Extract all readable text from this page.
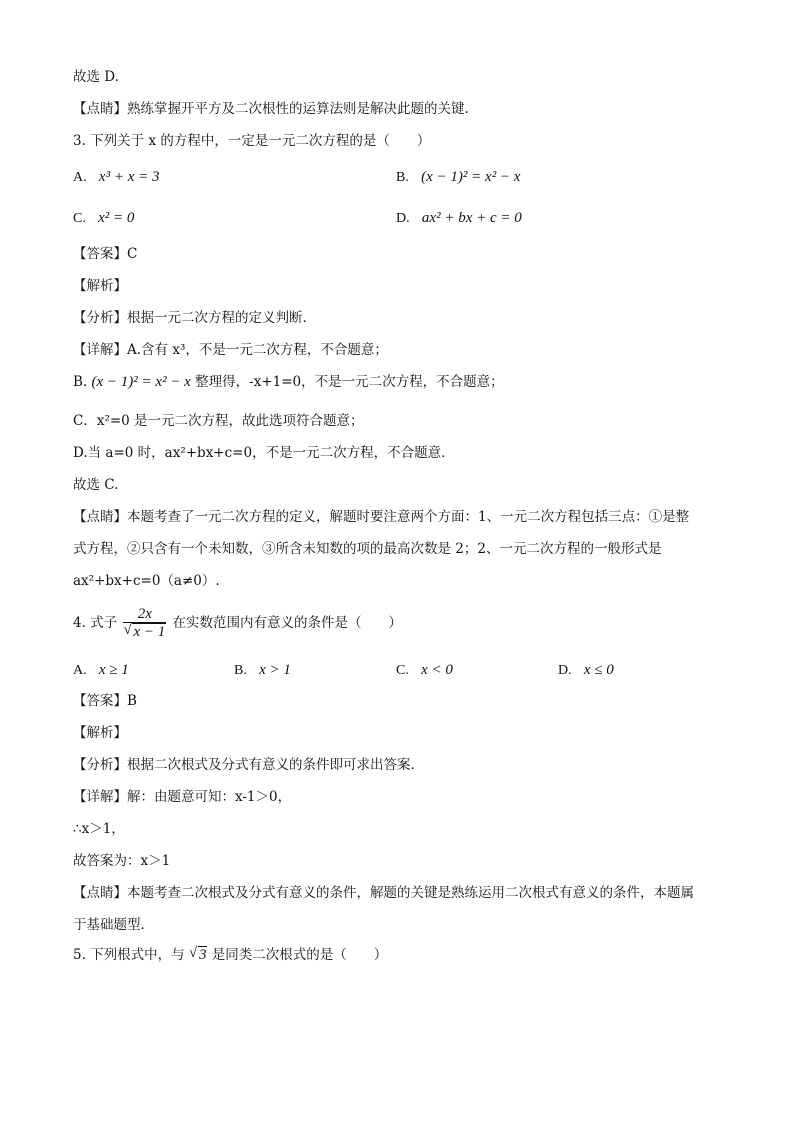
故选 D.
【点睛】熟练掌握开平方及二次根性的运算法则是解决此题的关键.
3. 下列关于 x 的方程中，一定是一元二次方程的是（　　）
A. x³ + x = 3	B. (x − 1)² = x² − x
C. x² = 0	D. ax² + bx + c = 0
【答案】C
【解析】
【分析】根据一元二次方程的定义判断．
【详解】A.含有 x³，不是一元二次方程，不合题意；
B. (x − 1)² = x² − x 整理得，-x+1=0，不是一元二次方程，不合题意；
C．x²=0 是一元二次方程，故此选项符合题意；
D.当 a=0 时，ax²+bx+c=0，不是一元二次方程，不合题意．
故选 C.
【点睛】本题考查了一元二次方程的定义，解题时要注意两个方面：1、一元二次方程包括三点：①是整
式方程，②只含有一个未知数，③所含未知数的项的最高次数是 2；2、一元二次方程的一般形式是
ax²+bx+c=0（a≠0）.
4. 式子 $\frac{2x}{√ x - 1}$ 在实数范围内有意义的条件是（　　）
A. x ≥ 1	B. x > 1	C. x < 0	D. x ≤ 0
【答案】B
【解析】
【分析】根据二次根式及分式有意义的条件即可求出答案．
【详解】解：由题意可知：x-1＞0，
∴x＞1，
故答案为：x＞1
【点睛】本题考查二次根式及分式有意义的条件，解题的关键是熟练运用二次根式有意义的条件，本题属
于基础题型．
5. 下列根式中，与 √ 3 是同类二次根式的是（　　）
